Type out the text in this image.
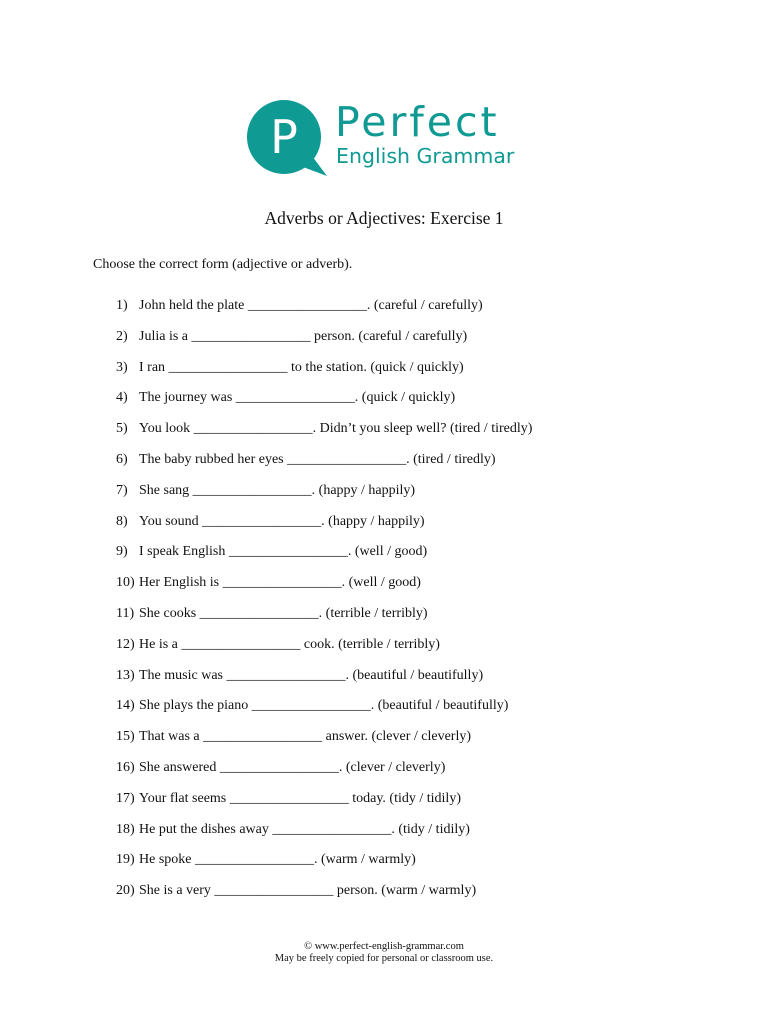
P Perfect
English Grammar
Adverbs or Adjectives: Exercise 1
Choose the correct form (adjective or adverb).
1) John held the plate _________________. (careful / carefully)
2) Julia is a _________________ person. (careful / carefully)
3) I ran _________________ to the station. (quick / quickly)
4) The journey was _________________. (quick / quickly)
5) You look _________________. Didn’t you sleep well? (tired / tiredly)
6) The baby rubbed her eyes _________________. (tired / tiredly)
7) She sang _________________. (happy / happily)
8) You sound _________________. (happy / happily)
9) I speak English _________________. (well / good)
10) Her English is _________________. (well / good)
11) She cooks _________________. (terrible / terribly)
12) He is a _________________ cook. (terrible / terribly)
13) The music was _________________. (beautiful / beautifully)
14) She plays the piano _________________. (beautiful / beautifully)
15) That was a _________________ answer. (clever / cleverly)
16) She answered _________________. (clever / cleverly)
17) Your flat seems _________________ today. (tidy / tidily)
18) He put the dishes away _________________. (tidy / tidily)
19) He spoke _________________. (warm / warmly)
20) She is a very _________________ person. (warm / warmly)
© www.perfect-english-grammar.com
May be freely copied for personal or classroom use.
